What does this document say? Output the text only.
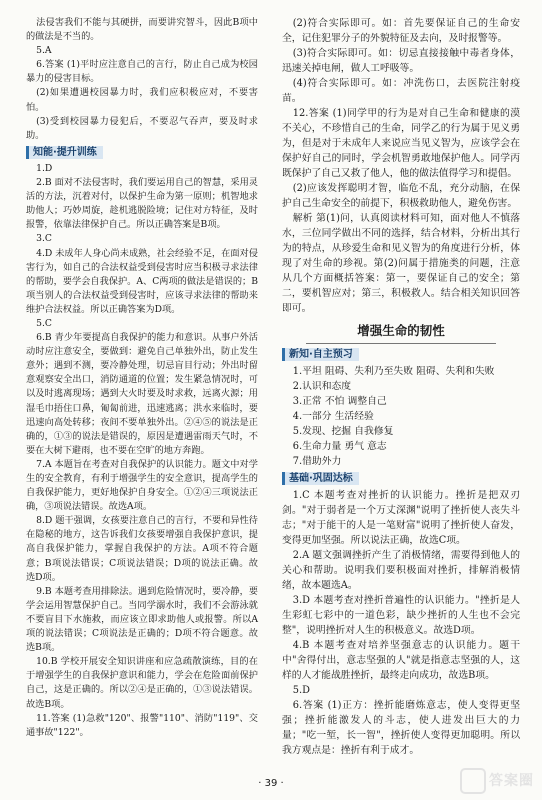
法侵害我们不能与其硬拼，而要讲究智斗，因此B项中的做法是不当的。

5.A

6.答案 (1)平时应注意自己的言行，防止自己成为校园暴力的侵害目标。

(2)如果遭遇校园暴力时，我们应积极应对，不要害怕。

(3)受到校园暴力侵犯后，不要忍气吞声，要及时求助。

知能·提升训练

1.D

2.B 面对不法侵害时，我们要运用自己的智慧，采用灵活的方法，沉着对付，以保护生命为第一原则；机智地求助他人；巧妙周旋，趁机逃脱险境；记住对方特征，及时报警，依靠法律保护自己。所以正确答案是B项。

3.C

4.D 未成年人身心尚未成熟，社会经验不足，在面对侵害行为，如自己的合法权益受到侵害时应当积极寻求法律的帮助，要学会自我保护。A、C两项的做法是错误的；B项当别人的合法权益受到侵害时，应该寻求法律的帮助来维护合法权益。所以正确答案为D项。

5.C

6.B 青少年要提高自我保护的能力和意识。从事户外活动时应注意安全，要做到：避免自己单独外出，防止发生意外；遇到不测，要冷静处理，切忌盲目行动；外出时留意观察安全出口，消防通道的位置；发生紧急情况时，可以及时逃离现场；遇到大火时要及时求救，远离火源；用湿毛巾捂住口鼻，匍匐前进，迅速逃离；洪水来临时，要迅速向高处转移；夜间不要单独外出。②④⑤的说法是正确的，①③的说法是错误的，原因是遭遇雷雨天气时，不要在大树下避雨，也不要在空旷的地方奔跑。

7.A 本题旨在考查对自我保护的认识能力。题文中对学生的安全教育，有利于增强学生的安全意识，提高学生的自我保护能力，更好地保护自身安全。①②④三项说法正确，③项说法错误。故选A项。

8.D 题干强调，女孩要注意自己的言行，不要和异性待在隐秘的地方，这告诉我们女孩要增强自我保护意识，提高自我保护能力，掌握自我保护的方法。A项不符合题意；B项说法错误；C项说法错误；D项的说法正确。故选D项。

9.B 本题考查用排除法。遇到危险情况时，要冷静，要学会运用智慧保护自己。当同学溺水时，我们不会游泳就不要盲目下水施救，而应该立即求助他人或报警。所以A项的说法错误；C项说法是正确的；D项不符合题意。故选B项。

10.B 学校开展安全知识讲座和应急疏散演练，目的在于增强学生的自我保护意识和能力，学会在危险面前保护自己，这是正确的。所以②④是正确的，①③说法错误。故选B项。

11.答案 (1)急救"120"、报警"110"、消防"119"、交通事故"122"。

(2)符合实际即可。如：首先要保证自己的生命安全，记住犯罪分子的外貌特征及去向，及时报警等。

(3)符合实际即可。如：切忌直接接触中毒者身体，迅速关掉电闸，做人工呼吸等。

(4)符合实际即可。如：冲洗伤口，去医院注射疫苗。

12.答案 (1)同学甲的行为是对自己生命和健康的漠不关心，不珍惜自己的生命，同学乙的行为属于见义勇为，但是对于未成年人来说应当见义智为，应该学会在保护好自己的同时，学会机智勇敢地保护他人。同学丙既保护了自己又救了他人，他的做法值得学习和提倡。

(2)应该发挥聪明才智，临危不乱，充分动脑，在保护自己生命安全的前提下，积极救助他人，避免伤害。

解析 第(1)问，认真阅读材料可知，面对他人不慎落水，三位同学做出不同的选择，结合材料，分析出其行为的特点，从珍爱生命和见义智为的角度进行分析，体现了对生命的珍视。第(2)问属于措施类的问题，注意从几个方面概括答案：第一，要保证自己的安全；第二，要机智应对；第三，积极救人。结合相关知识回答即可。

增强生命的韧性
新知·自主预习

1.平坦 阻碍、失利乃至失败 阻碍、失利和失败

2.认识和态度

3.正常 不怕 调整自己

4.一部分 生活经验

5.发现、挖掘 自我修复

6.生命力量 勇气 意志

7.借助外力

基础·巩固达标

1.C 本题考查对挫折的认识能力。挫折是把双刃剑。"对于弱者是一个万丈深渊"说明了挫折使人丧失斗志；"对于能干的人是一笔财富"说明了挫折使人奋发，变得更加坚强。所以说法正确，故选C项。

2.A 题文强调挫折产生了消极情绪，需要得到他人的关心和帮助。说明我们要积极面对挫折，排解消极情绪，故本题选A。

3.D 本题考查对挫折普遍性的认识能力。"挫折是人生彩虹七彩中的一道色彩，缺少挫折的人生也不会完整"，说明挫折对人生的积极意义。故选D项。

4.B 本题考查对培养坚强意志的认识能力。题干中"舍得付出，意志坚强的人"就是指意志坚强的人，这样的人才能战胜挫折，最终走向成功，故选B项。

5.D

6.答案 (1)正方：挫折能磨炼意志，使人变得更坚强；挫折能激发人的斗志，使人进发出巨大的力量；"吃一堑，长一智"，挫折使人变得更加聪明。所以我方观点是：挫折有利于成才。

· 39 ·	答案圈
